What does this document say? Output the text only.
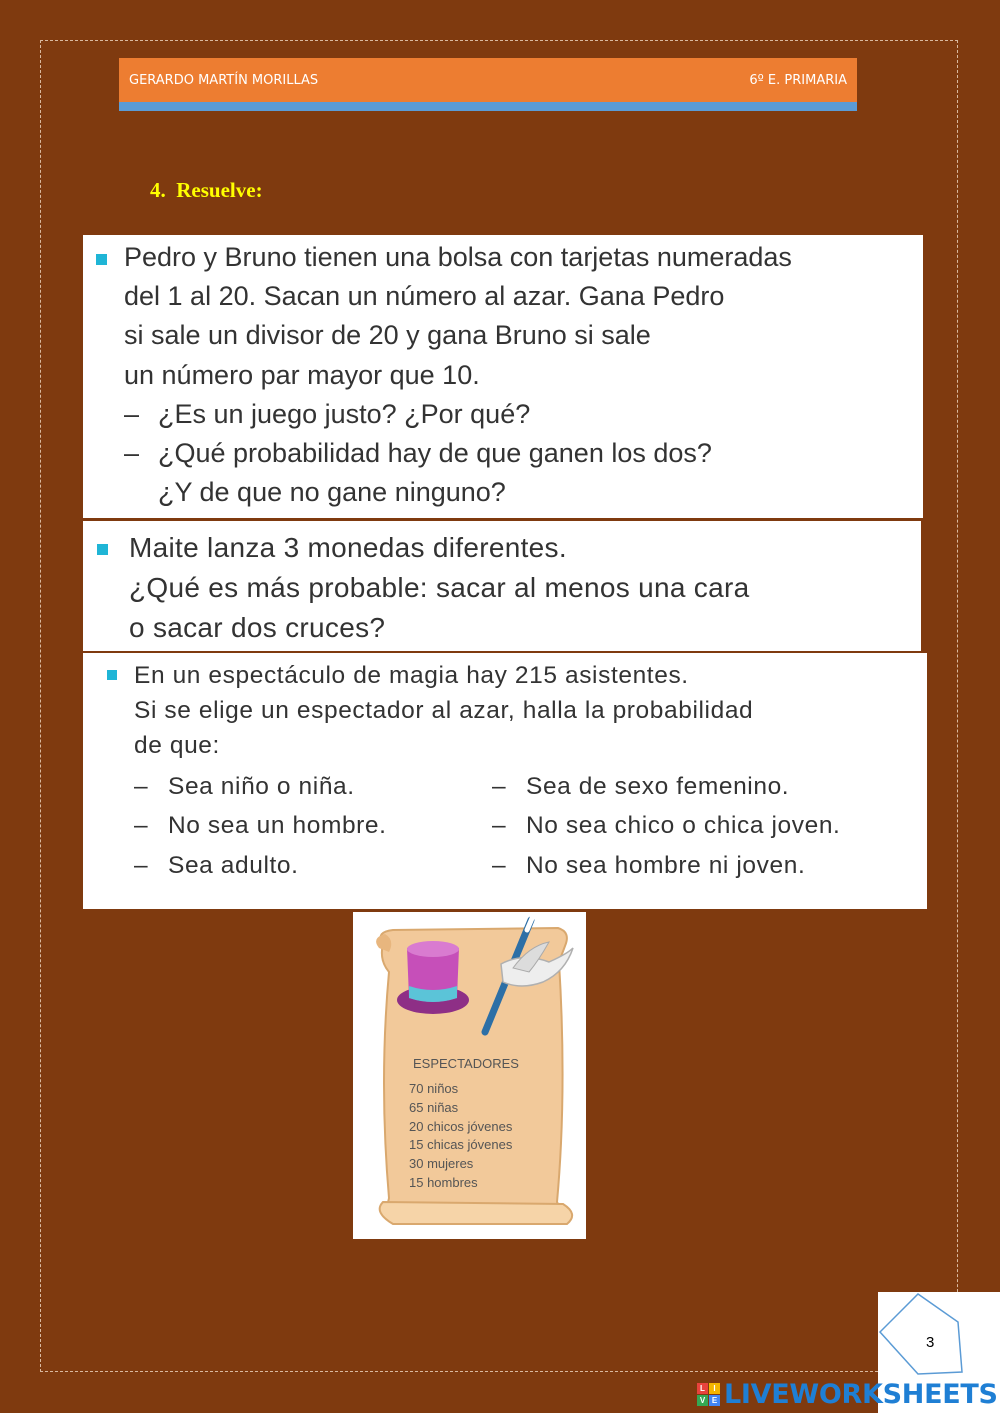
GERARDO MARTÍN MORILLAS	6º E. PRIMARIA
4. Resuelve:
Pedro y Bruno tienen una bolsa con tarjetas numeradas
del 1 al 20. Sacan un número al azar. Gana Pedro
si sale un divisor de 20 y gana Bruno si sale
un número par mayor que 10.
– ¿Es un juego justo? ¿Por qué?
– ¿Qué probabilidad hay de que ganen los dos?
¿Y de que no gane ninguno?
Maite lanza 3 monedas diferentes.
¿Qué es más probable: sacar al menos una cara
o sacar dos cruces?
En un espectáculo de magia hay 215 asistentes.
Si se elige un espectador al azar, halla la probabilidad
de que:
– Sea niño o niña.
– No sea un hombre.
– Sea adulto.
– Sea de sexo femenino.
– No sea chico o chica joven.
– No sea hombre ni joven.
ESPECTADORES
70 niños
65 niñas
20 chicos jóvenes
15 chicas jóvenes
30 mujeres
15 hombres
3
L	I
V E LIVEWORKSHEETS
